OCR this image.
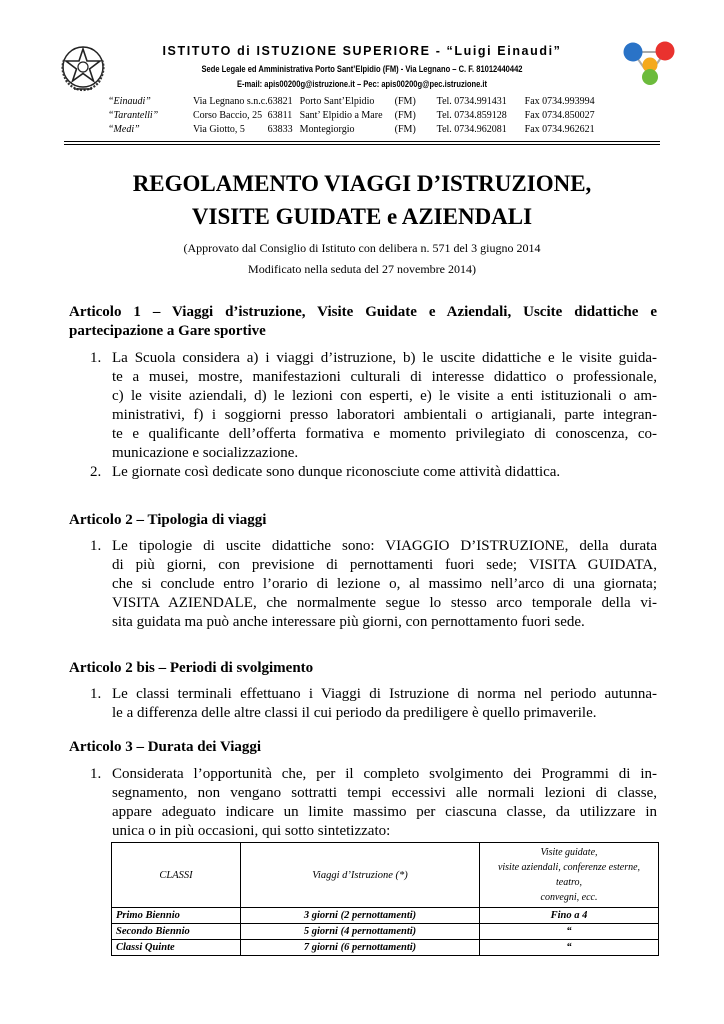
ISTITUTO di ISTUZIONE SUPERIORE - “Luigi Einaudi”
Sede Legale ed Amministrativa Porto Sant’Elpidio (FM) - Via Legnano – C. F. 81012440442
E-mail: apis00200g@istruzione.it – Pec: apis00200g@pec.istruzione.it
“Einaudi”	Via Legnano s.n.c.	63821	Porto Sant’Elpidio	(FM)	Tel. 0734.991431	Fax 0734.993994
“Tarantelli”	Corso Baccio, 25	63811	Sant’ Elpidio a Mare	(FM)	Tel. 0734.859128	Fax 0734.850027
“Medi”	Via Giotto, 5	63833	Montegiorgio	(FM)	Tel. 0734.962081	Fax 0734.962621
REGOLAMENTO VIAGGI D’ISTRUZIONE,
VISITE GUIDATE e AZIENDALI
(Approvato dal Consiglio di Istituto con delibera n. 571 del 3 giugno 2014
Modificato nella seduta del 27 novembre 2014)
Articolo 1 – Viaggi d’istruzione, Visite Guidate e Aziendali, Uscite didattiche e
partecipazione a Gare sportive
1. La Scuola considera a) i viaggi d’istruzione, b) le uscite didattiche e le visite guida-
te a musei, mostre, manifestazioni culturali di interesse didattico o professionale,
c) le visite aziendali, d) le lezioni con esperti, e) le visite a enti istituzionali o am-
ministrativi, f) i soggiorni presso laboratori ambientali o artigianali, parte integran-
te e qualificante dell’offerta formativa e momento privilegiato di conoscenza, co-
municazione e socializzazione.
2. Le giornate così dedicate sono dunque riconosciute come attività didattica.
Articolo 2 – Tipologia di viaggi
1. Le tipologie di uscite didattiche sono: VIAGGIO D’ISTRUZIONE, della durata
di più giorni, con previsione di pernottamenti fuori sede; VISITA GUIDATA,
che si conclude entro l’orario di lezione o, al massimo nell’arco di una giornata;
VISITA AZIENDALE, che normalmente segue lo stesso arco temporale della vi-
sita guidata ma può anche interessare più giorni, con pernottamento fuori sede.
Articolo 2 bis – Periodi di svolgimento
1. Le classi terminali effettuano i Viaggi di Istruzione di norma nel periodo autunna-
le a differenza delle altre classi il cui periodo da prediligere è quello primaverile.
Articolo 3 – Durata dei Viaggi
1. Considerata l’opportunità che, per il completo svolgimento dei Programmi di in-
segnamento, non vengano sottratti tempi eccessivi alle normali lezioni di classe,
appare adeguato indicare un limite massimo per ciascuna classe, da utilizzare in
unica o in più occasioni, qui sotto sintetizzato:
CLASSI	Viaggi d’Istruzione (*)	Visite guidate,
visite aziendali, conferenze esterne, teatro,
convegni, ecc.

Primo Biennio	3 giorni (2 pernottamenti)	Fino a 4
Secondo Biennio	5 giorni (4 pernottamenti)	“
Classi Quinte	7 giorni (6 pernottamenti)	“
